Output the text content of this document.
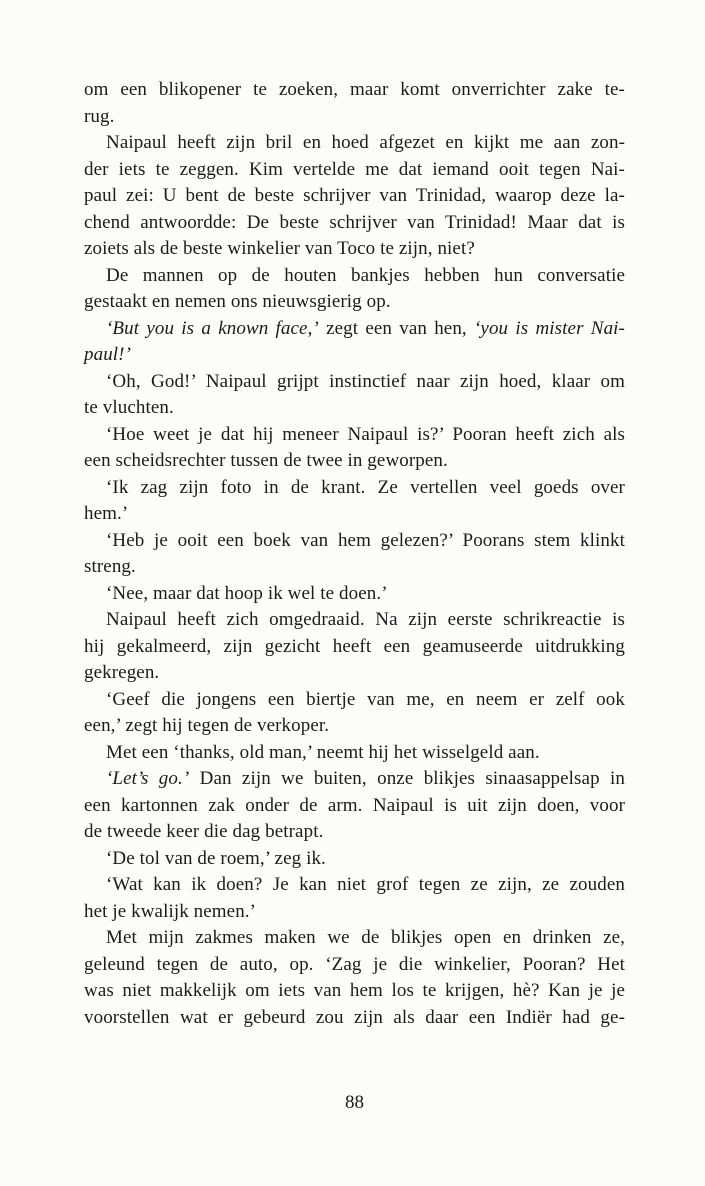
om een blikopener te zoeken, maar komt onverrichter zake te-
rug.
Naipaul heeft zijn bril en hoed afgezet en kijkt me aan zon-
der iets te zeggen. Kim vertelde me dat iemand ooit tegen Nai-
paul zei: U bent de beste schrijver van Trinidad, waarop deze la-
chend antwoordde: De beste schrijver van Trinidad! Maar dat is
zoiets als de beste winkelier van Toco te zijn, niet?
De mannen op de houten bankjes hebben hun conversatie
gestaakt en nemen ons nieuwsgierig op.
‘But you is a known face,’ zegt een van hen, ‘you is mister Nai-
paul!’
‘Oh, God!’ Naipaul grijpt instinctief naar zijn hoed, klaar om
te vluchten.
‘Hoe weet je dat hij meneer Naipaul is?’ Pooran heeft zich als
een scheidsrechter tussen de twee in geworpen.
‘Ik zag zijn foto in de krant. Ze vertellen veel goeds over
hem.’
‘Heb je ooit een boek van hem gelezen?’ Poorans stem klinkt
streng.
‘Nee, maar dat hoop ik wel te doen.’
Naipaul heeft zich omgedraaid. Na zijn eerste schrikreactie is
hij gekalmeerd, zijn gezicht heeft een geamuseerde uitdrukking
gekregen.
‘Geef die jongens een biertje van me, en neem er zelf ook
een,’ zegt hij tegen de verkoper.
Met een ‘thanks, old man,’ neemt hij het wisselgeld aan.
‘Let’s go.’ Dan zijn we buiten, onze blikjes sinaasappelsap in
een kartonnen zak onder de arm. Naipaul is uit zijn doen, voor
de tweede keer die dag betrapt.
‘De tol van de roem,’ zeg ik.
‘Wat kan ik doen? Je kan niet grof tegen ze zijn, ze zouden
het je kwalijk nemen.’
Met mijn zakmes maken we de blikjes open en drinken ze,
geleund tegen de auto, op. ‘Zag je die winkelier, Pooran? Het
was niet makkelijk om iets van hem los te krijgen, hè? Kan je je
voorstellen wat er gebeurd zou zijn als daar een Indiër had ge-
88
